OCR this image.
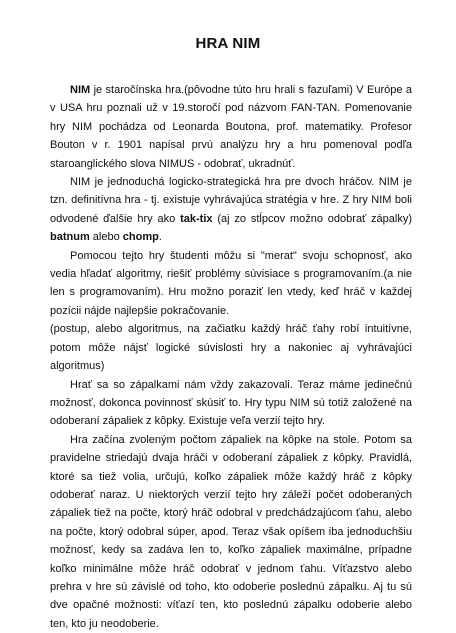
HRA NIM

NIM je staročínska hra.(pôvodne túto hru hrali s fazuľami) V Európe a v USA hru poznali už v 19.storočí pod názvom FAN-TAN. Pomenovanie hry NIM pochádza od Leonarda Boutona, prof. matematiky. Profesor Bouton v r. 1901 napísal prvú analýzu hry a hru pomenoval podľa staroanglického slova NIMUS - odobrať, ukradnúť.

NIM je jednoduchá logicko-strategická hra pre dvoch hráčov. NIM je tzn. definitívna hra - tj. existuje vyhrávajúca stratégia v hre. Z hry NIM boli odvodené ďalšie hry ako tak-tix (aj zo stĺpcov možno odobrať zápalky) batnum alebo chomp.

Pomocou tejto hry študenti môžu si "merat" svoju schopnosť, ako vedia hľadať algoritmy, riešiť problémy súvisiace s programovaním.(a nie len s programovaním). Hru možno poraziť len vtedy, keď hráč v každej pozícii nájde najlepšie pokračovanie.

(postup, alebo algoritmus, na začiatku každý hráč ťahy robí intuitívne, potom môže nájsť logické súvislosti hry a nakoniec aj vyhrávajúci algoritmus)

Hrať sa so zápalkami nám vždy zakazovali. Teraz máme jedinečnú možnosť, dokonca povinnosť skúsiť to. Hry typu NIM sú totiž založené na odoberaní zápaliek z kôpky. Existuje veľa verzií tejto hry.

Hra začína zvoleným počtom zápaliek na kôpke na stole. Potom sa pravidelne striedajú dvaja hráči v odoberaní zápaliek z kôpky. Pravidlá, ktoré sa tiež volia, určujú, koľko zápaliek môže každý hráč z kôpky odoberať naraz. U niektorých verzií tejto hry záleží počet odoberaných zápaliek tiež na počte, ktorý hráč odobral v predchádzajúcom ťahu, alebo na počte, ktorý odobral súper, apod. Teraz však opíšem iba jednoduchšiu možnosť, kedy sa zadáva len to, koľko zápaliek maximálne, prípadne koľko minimálne môže hráč odobrať v jednom ťahu. Víťazstvo alebo prehra v hre sú závislé od toho, kto odoberie poslednú zápalku. Aj tu sú dve opačné možnosti: víťazí ten, kto poslednú zápalku odoberie alebo ten, kto ju neodoberie.
